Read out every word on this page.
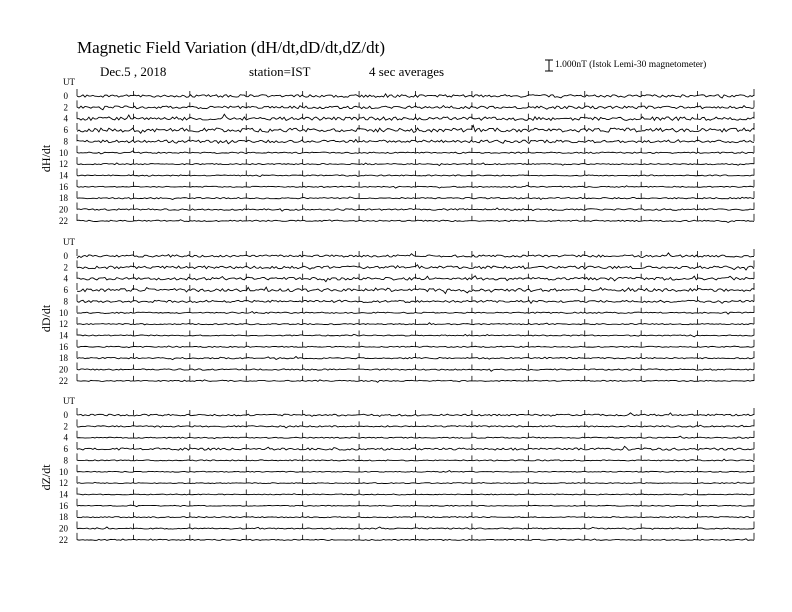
Magnetic Field Variation (dH/dt,dD/dt,dZ/dt)
Dec.5 , 2018	station=IST	4 sec averages	1.000nT (Istok Lemi-30 magnetometer)
UT
dH/dt
0
2
4
6
8
10
12
14
16
18
20
22
UT
dD/dt
0
2
4
6
8
10
12
14
16
18
20
22
UT
dZ/dt
0
2
4
6
8
10
12
14
16
18
20
22
